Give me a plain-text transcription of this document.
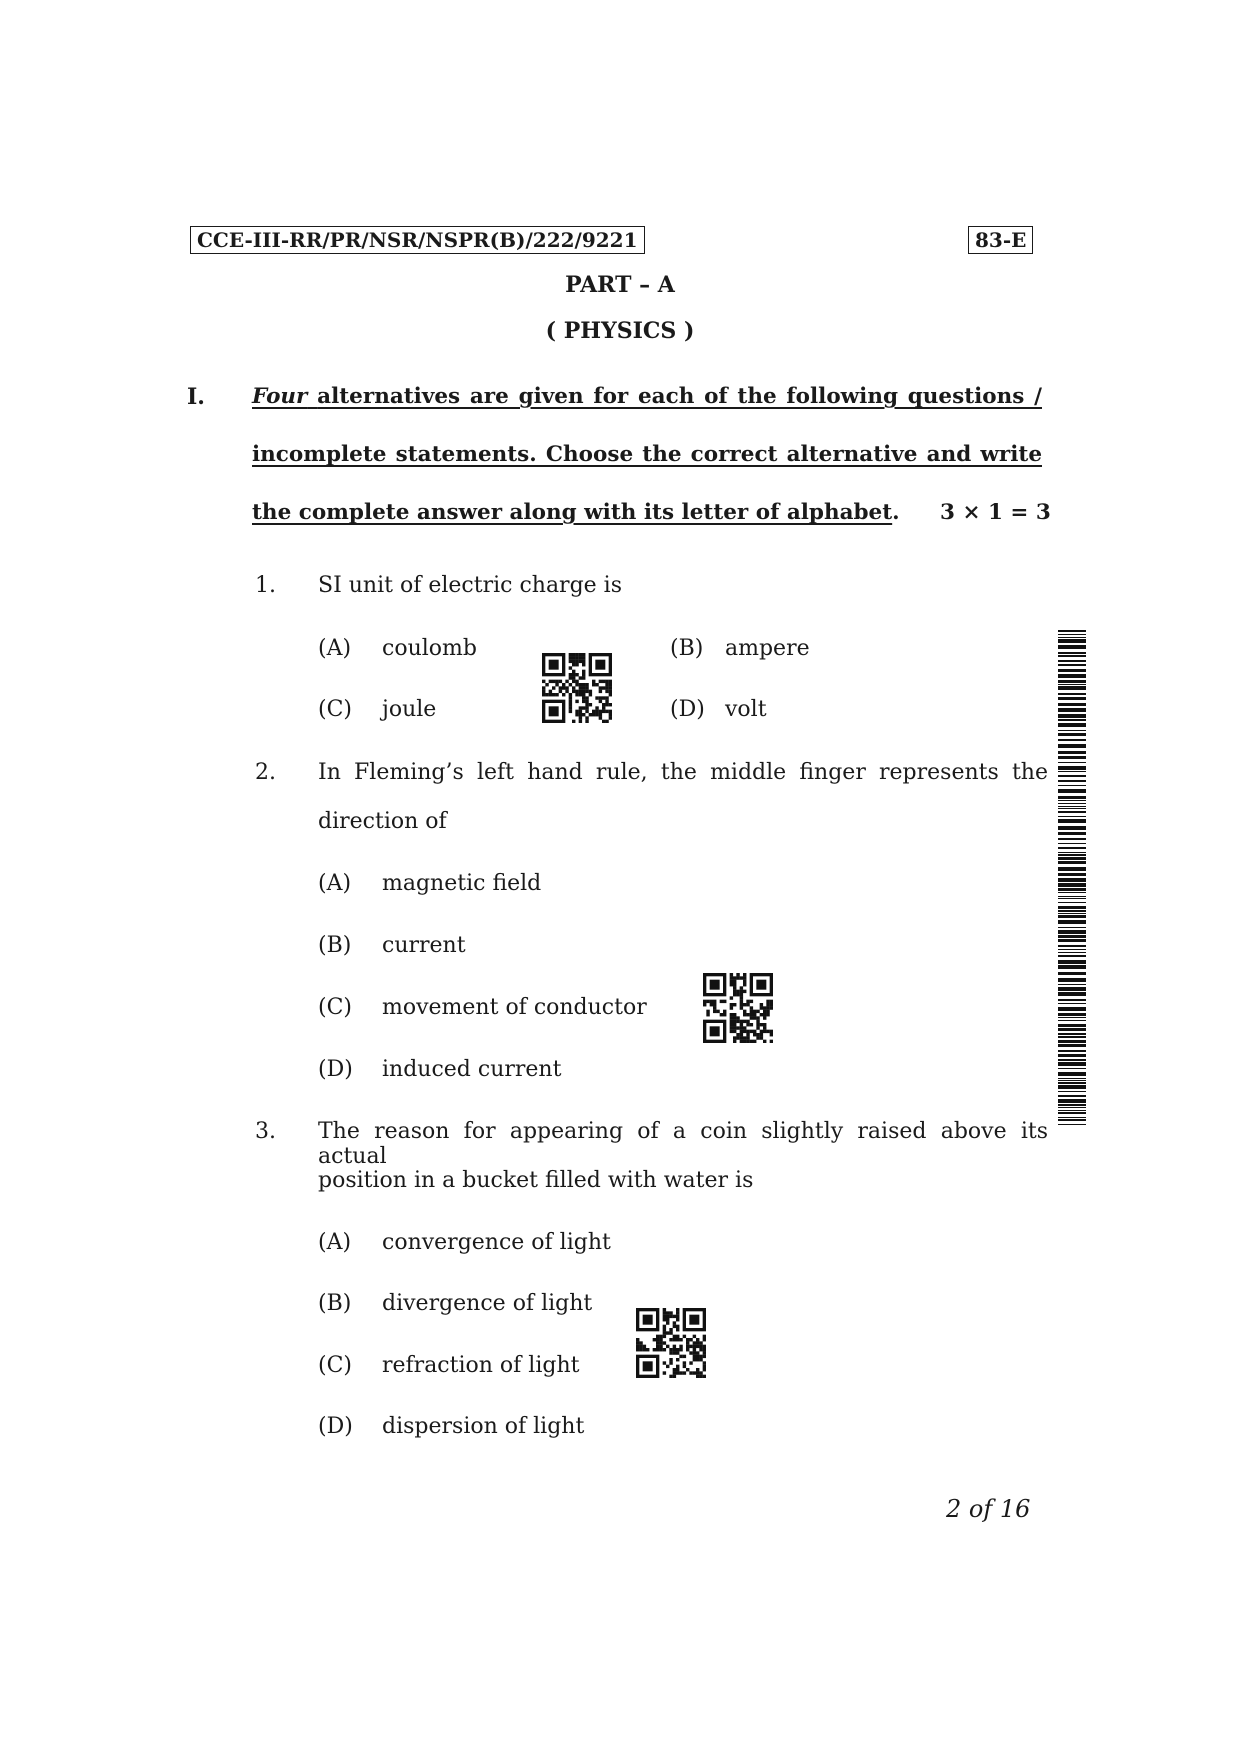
CCE-III-RR/PR/NSR/NSPR(B)/222/9221	83-E
PART – A
( PHYSICS )
I. Four alternatives are given for each of the following questions /
incomplete statements. Choose the correct alternative and write
the complete answer along with its letter of alphabet. 3 × 1 = 3
1. SI unit of electric charge is
(A) coulomb	(B) ampere
(C) joule	(D) volt
2. In Fleming’s left hand rule, the middle finger represents the
direction of
(A) magnetic field
(B) current
(C) movement of conductor
(D) induced current
3. The reason for appearing of a coin slightly raised above its actual
position in a bucket filled with water is
(A) convergence of light
(B) divergence of light
(C) refraction of light
(D) dispersion of light
2 of 16
